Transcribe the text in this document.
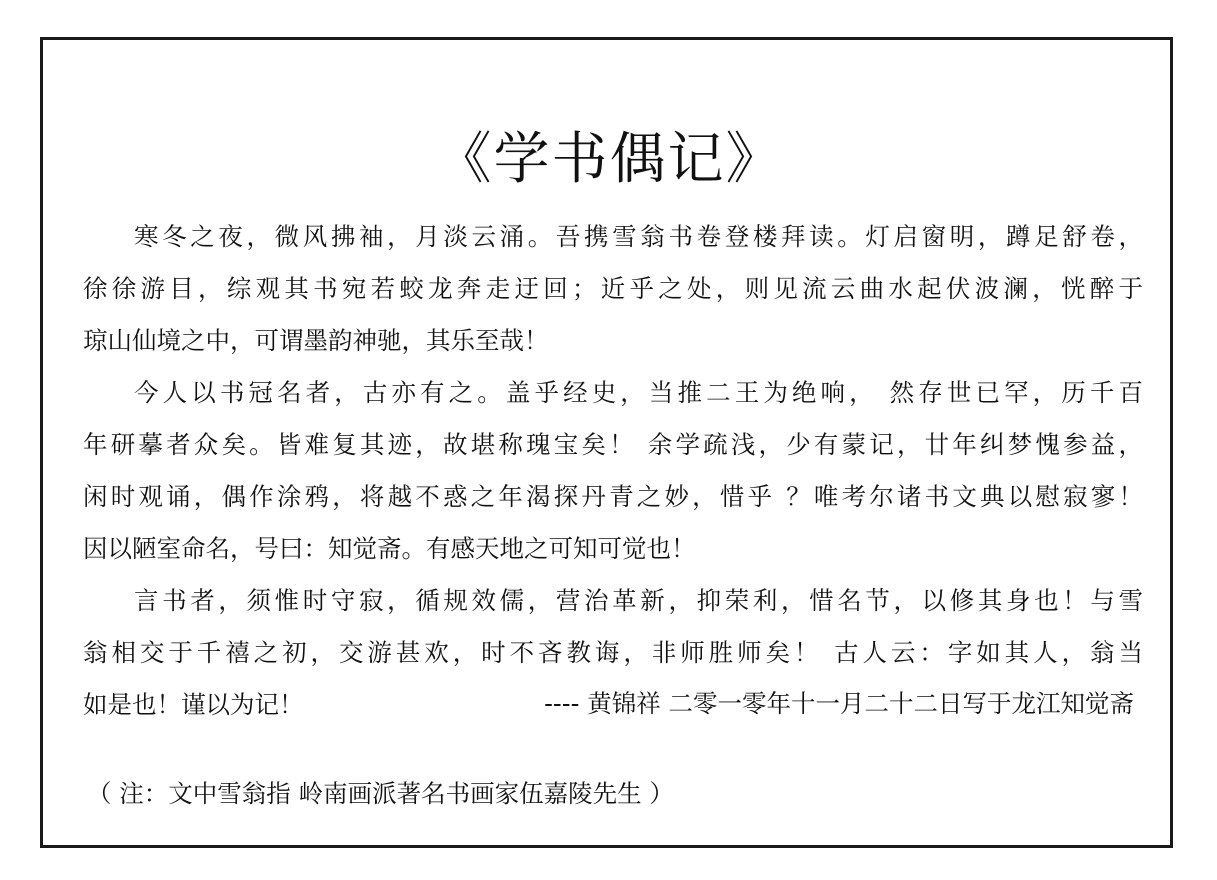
《学书偶记》

寒冬之夜，微风拂袖，月淡云涌。吾携雪翁书卷登楼拜读。灯启窗明，蹲足舒卷，

徐徐游目，综观其书宛若蛟龙奔走迂回；近乎之处，则见流云曲水起伏波澜，恍醉于

琼山仙境之中，可谓墨韵神驰，其乐至哉！

今人以书冠名者，古亦有之。盖乎经史，当推二王为绝响， 然存世已罕，历千百

年研摹者众矣。皆难复其迹，故堪称瑰宝矣！ 余学疏浅，少有蒙记，廿年纠梦愧参益，

闲时观诵，偶作涂鸦，将越不惑之年渴探丹青之妙，惜乎 ？唯考尔诸书文典以慰寂寥！

因以陋室命名，号曰：知觉斋。有感天地之可知可觉也！

言书者，须惟时守寂，循规效儒，营治革新，抑荣利，惜名节，以修其身也！与雪

翁相交于千禧之初，交游甚欢，时不吝教诲，非师胜师矣！ 古人云：字如其人，翁当

如是也！谨以为记！	---- 黄锦祥 二零一零年十一月二十二日写于龙江知觉斋

（ 注：文中雪翁指 岭南画派著名书画家伍嘉陵先生 ）
